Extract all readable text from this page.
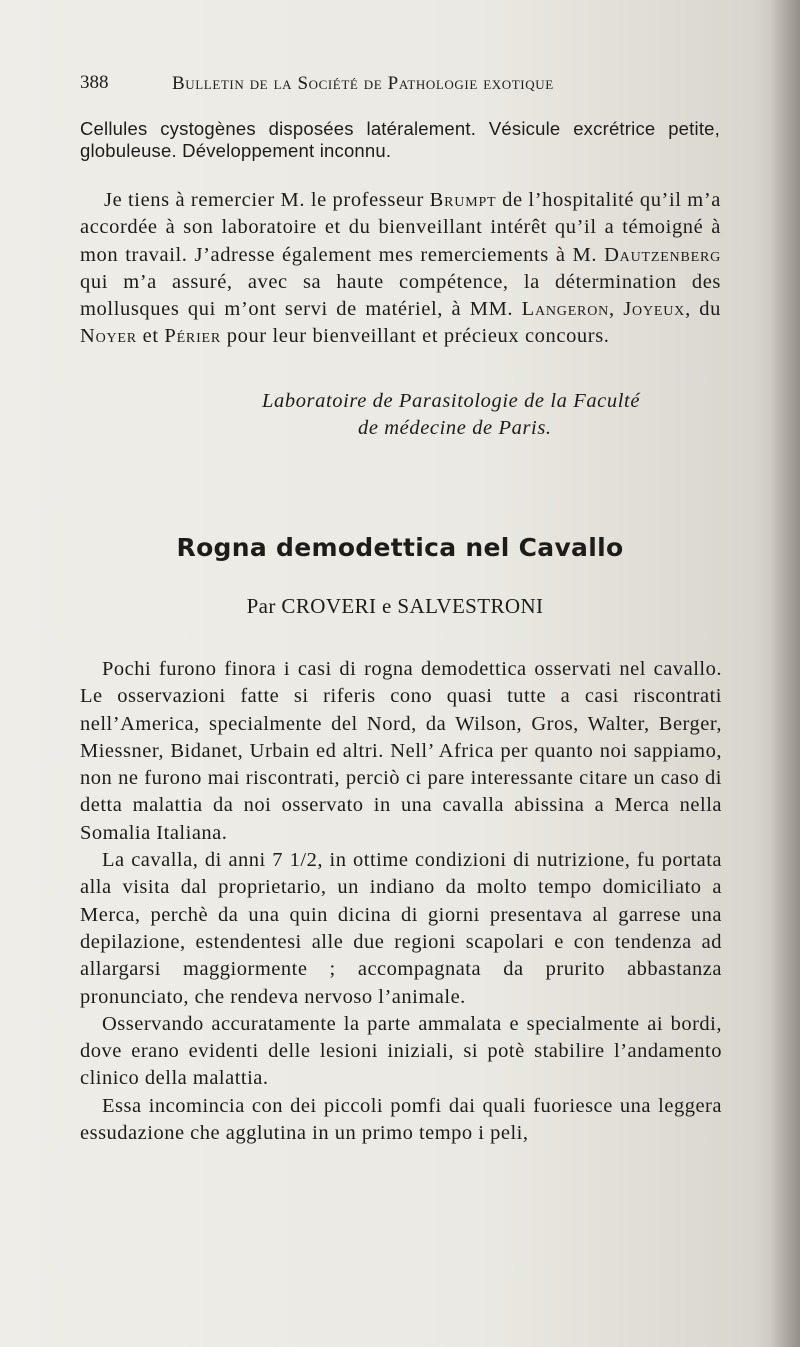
388	Bulletin de la Société de Pathologie exotique
Cellules cystogènes disposées latéralement. Vésicule excrétrice petite, globuleuse. Développement inconnu.

Je tiens à remercier M. le professeur Brumpt de l’hospitalité qu’il m’a accordée à son laboratoire et du bienveillant intérêt qu’il a témoigné à mon travail. J’adresse également mes remerciements à M. Dautzenberg qui m’a assuré, avec sa haute compétence, la détermination des mollusques qui m’ont servi de matériel, à MM. Langeron, Joyeux, du Noyer et Périer pour leur bienveillant et précieux concours.

Laboratoire de Parasitologie de la Faculté
de médecine de Paris.
Rogna demodettica nel Cavallo
Par CROVERI e SALVESTRONI

Pochi furono finora i casi di rogna demodettica osservati nel cavallo. Le osservazioni fatte si riferis cono quasi tutte a casi riscontrati nell’America, specialmente del Nord, da Wilson, Gros, Walter, Berger, Miessner, Bidanet, Urbain ed altri. Nell’ Africa per quanto noi sappiamo, non ne furono mai riscontrati, perciò ci pare interessante citare un caso di detta malattia da noi osservato in una cavalla abissina a Merca nella Somalia Italiana.

La cavalla, di anni 7 1/2, in ottime condizioni di nutrizione, fu portata alla visita dal proprietario, un indiano da molto tempo domiciliato a Merca, perchè da una quin dicina di giorni presentava al garrese una depilazione, estendentesi alle due regioni scapolari e con tendenza ad allargarsi maggiormente ; accompagnata da prurito abbastanza pronunciato, che rendeva nervoso l’animale.

Osservando accuratamente la parte ammalata e specialmente ai bordi, dove erano evidenti delle lesioni iniziali, si potè stabilire l’andamento clinico della malattia.

Essa incomincia con dei piccoli pomfi dai quali fuoriesce una leggera essudazione che agglutina in un primo tempo i peli,
